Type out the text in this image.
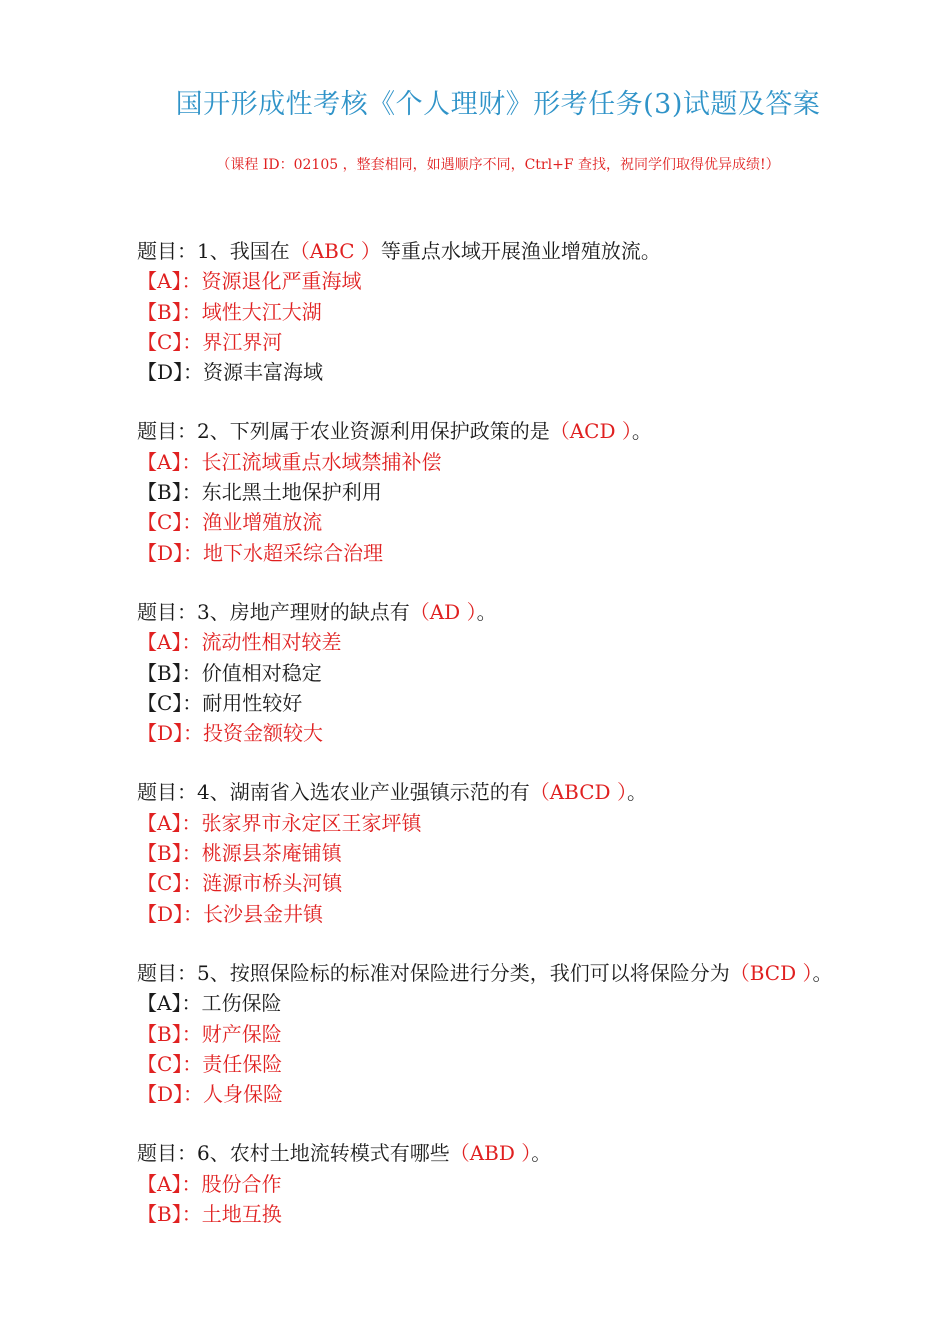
国开形成性考核《个人理财》形考任务(3)试题及答案
（课程 ID：02105 ，整套相同，如遇顺序不同，Ctrl+F 查找，祝同学们取得优异成绩!）
题目：1、我国在（ABC ）等重点水域开展渔业增殖放流。
【A】：资源退化严重海域
【B】：域性大江大湖
【C】：界江界河
【D】：资源丰富海域
题目：2、下列属于农业资源利用保护政策的是（ACD ）。
【A】：长江流域重点水域禁捕补偿
【B】：东北黑土地保护利用
【C】：渔业增殖放流
【D】：地下水超采综合治理
题目：3、房地产理财的缺点有（AD ）。
【A】：流动性相对较差
【B】：价值相对稳定
【C】：耐用性较好
【D】：投资金额较大
题目：4、湖南省入选农业产业强镇示范的有（ABCD ）。
【A】：张家界市永定区王家坪镇
【B】：桃源县茶庵铺镇
【C】：涟源市桥头河镇
【D】：长沙县金井镇
题目：5、按照保险标的标准对保险进行分类，我们可以将保险分为（BCD ）。
【A】：工伤保险
【B】：财产保险
【C】：责任保险
【D】：人身保险
题目：6、农村土地流转模式有哪些（ABD ）。
【A】：股份合作
【B】：土地互换
